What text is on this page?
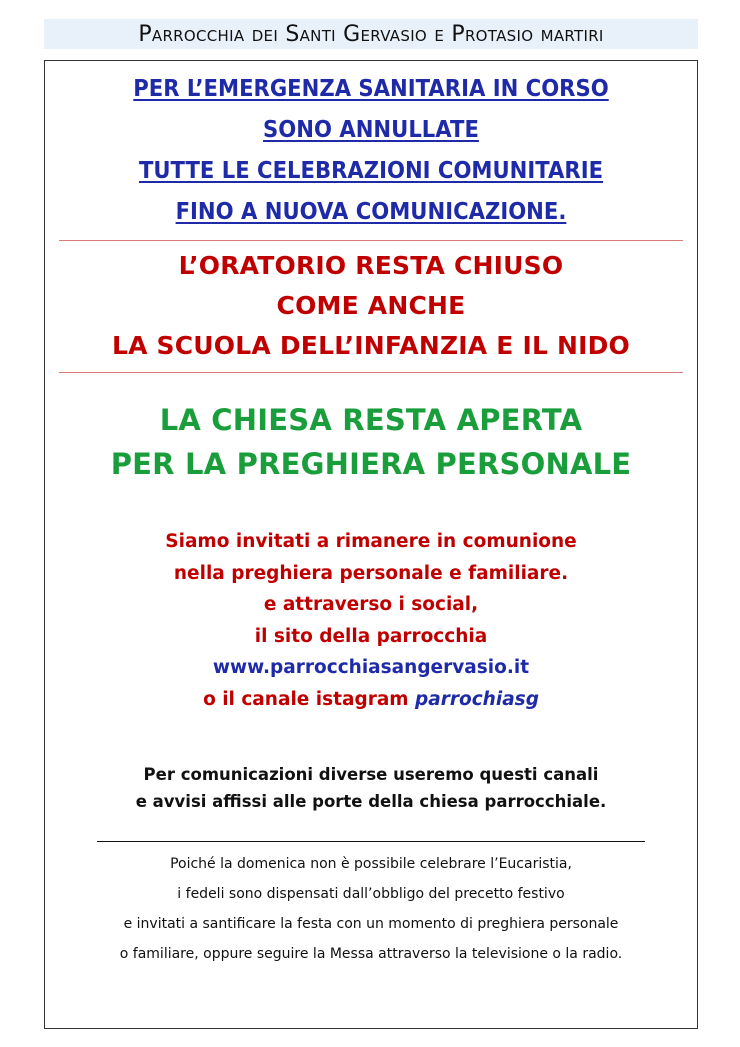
Parrocchia dei Santi Gervasio e Protasio martiri
PER L’EMERGENZA SANITARIA IN CORSO
SONO ANNULLATE
TUTTE LE CELEBRAZIONI COMUNITARIE
FINO A NUOVA COMUNICAZIONE.
L’ORATORIO RESTA CHIUSO
COME ANCHE
LA SCUOLA DELL’INFANZIA E IL NIDO
LA CHIESA RESTA APERTA
PER LA PREGHIERA PERSONALE
Siamo invitati a rimanere in comunione
nella preghiera personale e familiare.
e attraverso i social,
il sito della parrocchia
www.parrocchiasangervasio.it
o il canale istagram parrochiasg
Per comunicazioni diverse useremo questi canali
e avvisi affissi alle porte della chiesa parrocchiale.
Poiché la domenica non è possibile celebrare l’Eucaristia,
i fedeli sono dispensati dall’obbligo del precetto festivo
e invitati a santificare la festa con un momento di preghiera personale
o familiare, oppure seguire la Messa attraverso la televisione o la radio.
